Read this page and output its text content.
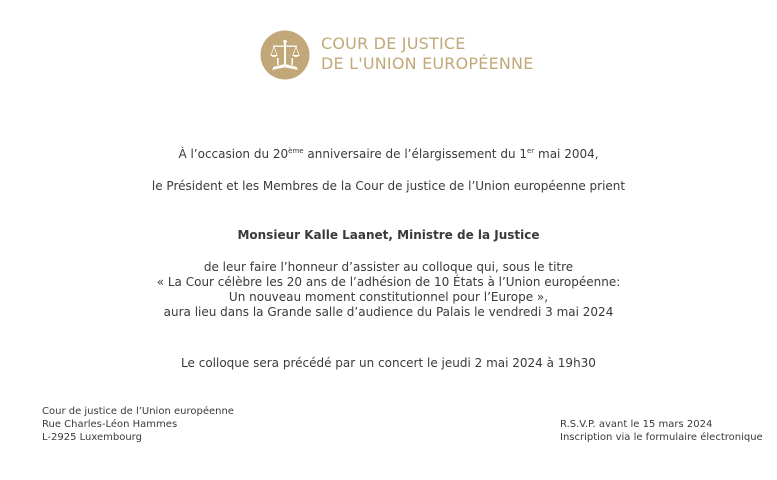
COUR DE JUSTICE
DE L'UNION EUROPÉENNE
À l’occasion du 20ème anniversaire de l’élargissement du 1er mai 2004,
le Président et les Membres de la Cour de justice de l’Union européenne prient
Monsieur Kalle Laanet, Ministre de la Justice
de leur faire l’honneur d’assister au colloque qui, sous le titre
« La Cour célèbre les 20 ans de l’adhésion de 10 États à l’Union européenne:
Un nouveau moment constitutionnel pour l’Europe »,
aura lieu dans la Grande salle d’audience du Palais le vendredi 3 mai 2024
Le colloque sera précédé par un concert le jeudi 2 mai 2024 à 19h30
Cour de justice de l’Union européenne
Rue Charles-Léon Hammes
L-2925 Luxembourg
R.S.V.P. avant le 15 mars 2024
Inscription via le formulaire électronique
